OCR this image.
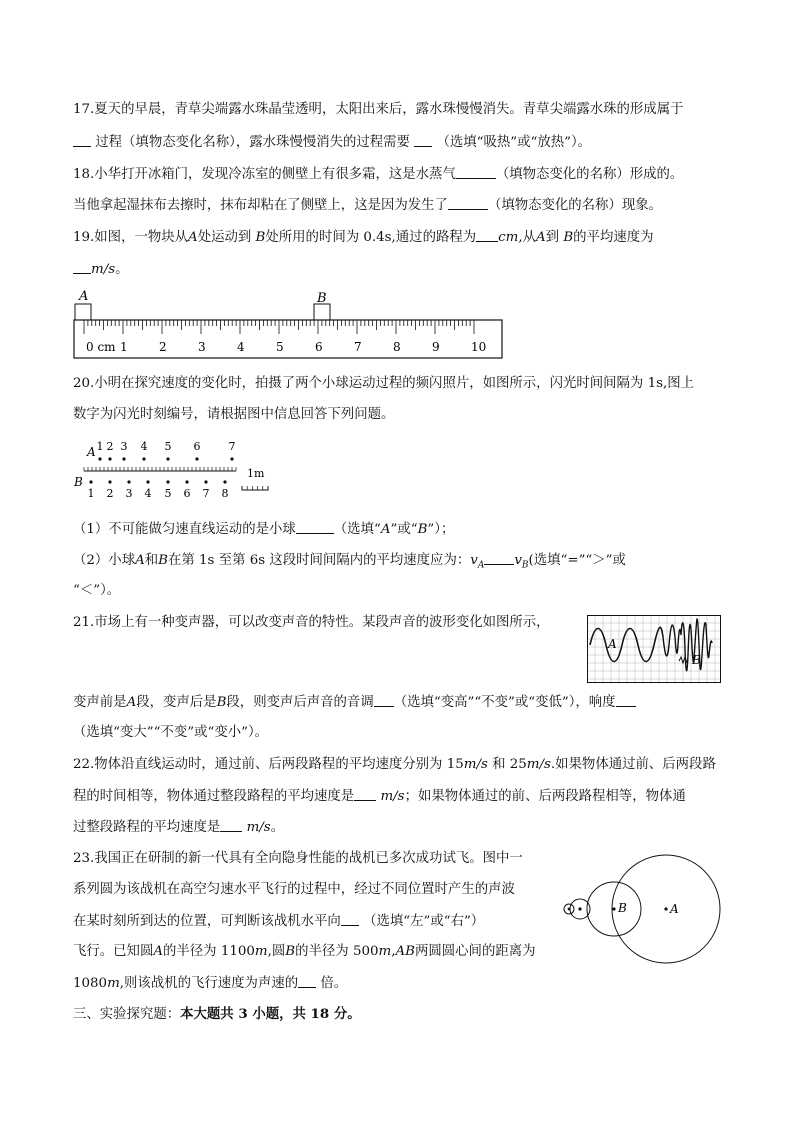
17.夏天的早晨，青草尖端露水珠晶莹透明，太阳出来后，露水珠慢慢消失。青草尖端露水珠的形成属于
过程（填物态变化名称），露水珠慢慢消失的过程需要 （选填“吸热”或“放热”）。
18.小华打开冰箱门，发现冷冻室的侧壁上有很多霜，这是水蒸气	（填物态变化的名称）形成的。
当他拿起湿抹布去擦时，抹布却粘在了侧壁上，这是因为发生了	（填物态变化的名称）现象。
19.如图，一物块从A处运动到 B处所用的时间为 0.4s,通过的路程为 cm,从A到 B的平均速度为
m/s。
A	B
0 cm 1	2	3	4	5	6	7	8	9	10
20.小明在探究速度的变化时，拍摄了两个小球运动过程的频闪照片，如图所示，闪光时间间隔为 1s,图上
数字为闪光时刻编号，请根据图中信息回答下列问题。
A
B
1 2 3 4 5 6	7
1 2 3 4 5 6 7 8
1m
（1）不可能做匀速直线运动的是小球	（选填“A”或“B”）；
（2）小球A和B在第 1s 至第 6s 这段时间间隔内的平均速度应为：$v_A$ $v_B$(选填“=”“＞”或
“＜”）。
21.市场上有一种变声器，可以改变声音的特性。某段声音的波形变化如图所示，
A
B
变声前是A段，变声后是B段，则变声后声音的音调 （选填“变高”“不变”或“变低”），响度
（选填“变大”“不变”或“变小”）。
22.物体沿直线运动时，通过前、后两段路程的平均速度分别为 15m/s 和 25m/s.如果物体通过前、后两段路
程的时间相等，物体通过整段路程的平均速度是 m/s；如果物体通过的前、后两段路程相等，物体通
过整段路程的平均速度是 m/s。
23.我国正在研制的新一代具有全向隐身性能的战机已多次成功试飞。图中一
系列圆为该战机在高空匀速水平飞行的过程中，经过不同位置时产生的声波
在某时刻所到达的位置，可判断该战机水平向 （选填“左”或“右”）
飞行。已知圆A的半径为 1100m,圆B的半径为 500m,AB两圆圆心间的距离为
1080m,则该战机的飞行速度为声速的 倍。
A
B
三、实验探究题：本大题共 3 小题，共 18 分。
